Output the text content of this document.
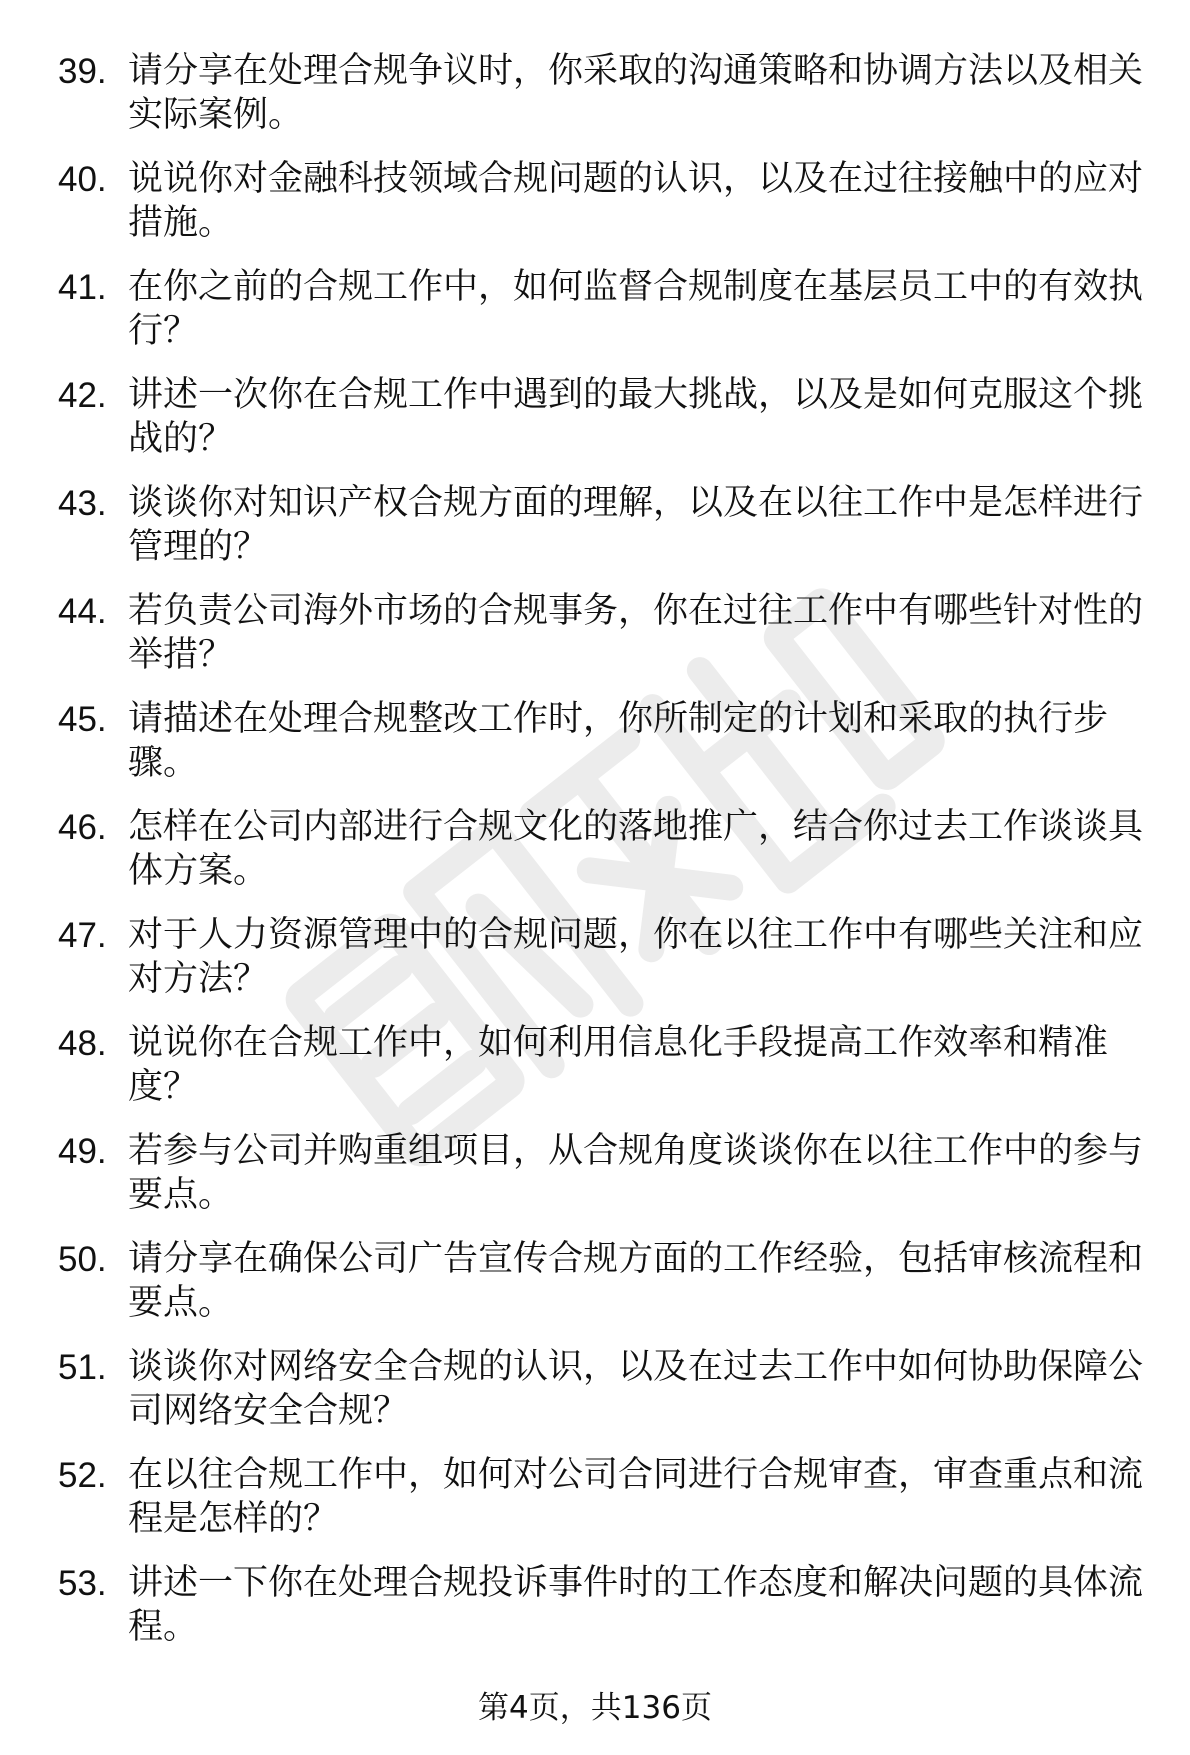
39. 请分享在处理合规争议时，你采取的沟通策略和协调方法以及相关实际案例。
40. 说说你对金融科技领域合规问题的认识，以及在过往接触中的应对措施。
41. 在你之前的合规工作中，如何监督合规制度在基层员工中的有效执行？
42. 讲述一次你在合规工作中遇到的最大挑战，以及是如何克服这个挑战的？
43. 谈谈你对知识产权合规方面的理解，以及在以往工作中是怎样进行管理的？
44. 若负责公司海外市场的合规事务，你在过往工作中有哪些针对性的举措？
45. 请描述在处理合规整改工作时，你所制定的计划和采取的执行步骤。
46. 怎样在公司内部进行合规文化的落地推广，结合你过去工作谈谈具体方案。
47. 对于人力资源管理中的合规问题，你在以往工作中有哪些关注和应对方法？
48. 说说你在合规工作中，如何利用信息化手段提高工作效率和精准度？
49. 若参与公司并购重组项目，从合规角度谈谈你在以往工作中的参与要点。
50. 请分享在确保公司广告宣传合规方面的工作经验，包括审核流程和要点。
51. 谈谈你对网络安全合规的认识，以及在过去工作中如何协助保障公司网络安全合规？
52. 在以往合规工作中，如何对公司合同进行合规审查，审查重点和流程是怎样的？
53. 讲述一下你在处理合规投诉事件时的工作态度和解决问题的具体流程。
第4页，共136页
